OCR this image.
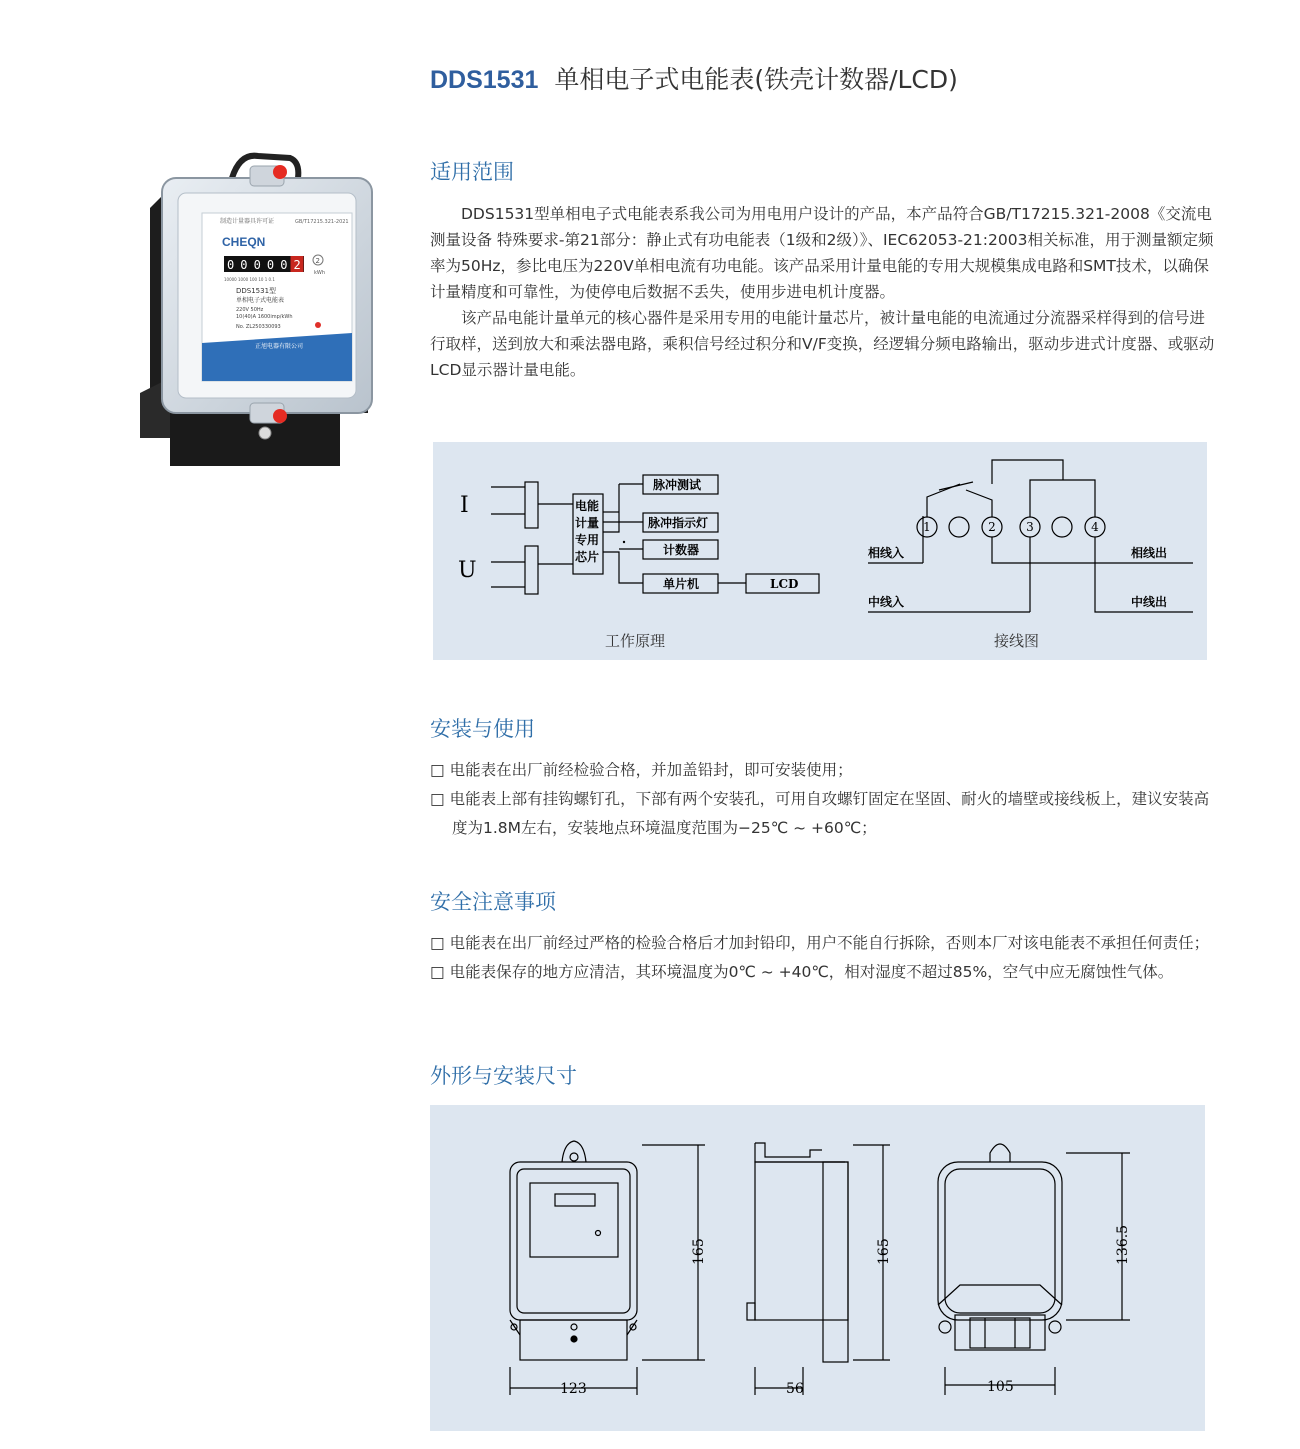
DDS1531 单相电子式电能表(铁壳计数器/LCD)
制造计量器具许可证	GB/T17215.321-2021
CHEQN
0 0 0 0 0 2 2
kWh
10000 1000 100 10 1 0.1
DDS1531型
单相电子式电能表
220V 50Hz
10(40)A 1600imp/kWh
No. ZL250330093
正旭电器有限公司
适用范围

DDS1531型单相电子式电能表系我公司为用电用户设计的产品，本产品符合GB/T17215.321-2008《交流电测量设备 特殊要求-第21部分：静止式有功电能表（1级和2级）》、IEC62053-21:2003相关标准，用于测量额定频率为50Hz，参比电压为220V单相电流有功电能。该产品采用计量电能的专用大规模集成电路和SMT技术，以确保计量精度和可靠性，为使停电后数据不丢失，使用步进电机计度器。

该产品电能计量单元的核心器件是采用专用的电能计量芯片，被计量电能的电流通过分流器采样得到的信号进行取样，送到放大和乘法器电路，乘积信号经过积分和V/F变换，经逻辑分频电路输出，驱动步进式计度器、或驱动LCD显示器计量电能。

I
U
电能
计量
专用
芯片
脉冲测试
脉冲指示灯
计数器
单片机	LCD
相线入	相线出
中线入	中线出
1	2	3	4
工作原理	接线图
安装与使用
□ 电能表在出厂前经检验合格，并加盖铅封，即可安装使用；
□ 电能表上部有挂钩螺钉孔，下部有两个安装孔，可用自攻螺钉固定在坚固、耐火的墙壁或接线板上，建议安装高度为1.8M左右，安装地点环境温度范围为−25℃ ~ +60℃；
安全注意事项
□ 电能表在出厂前经过严格的检验合格后才加封铅印，用户不能自行拆除，否则本厂对该电能表不承担任何责任；
□ 电能表保存的地方应清洁，其环境温度为0℃ ~ +40℃，相对湿度不超过85%，空气中应无腐蚀性气体。
外形与安装尺寸
123	56	105
165	165	136.5
